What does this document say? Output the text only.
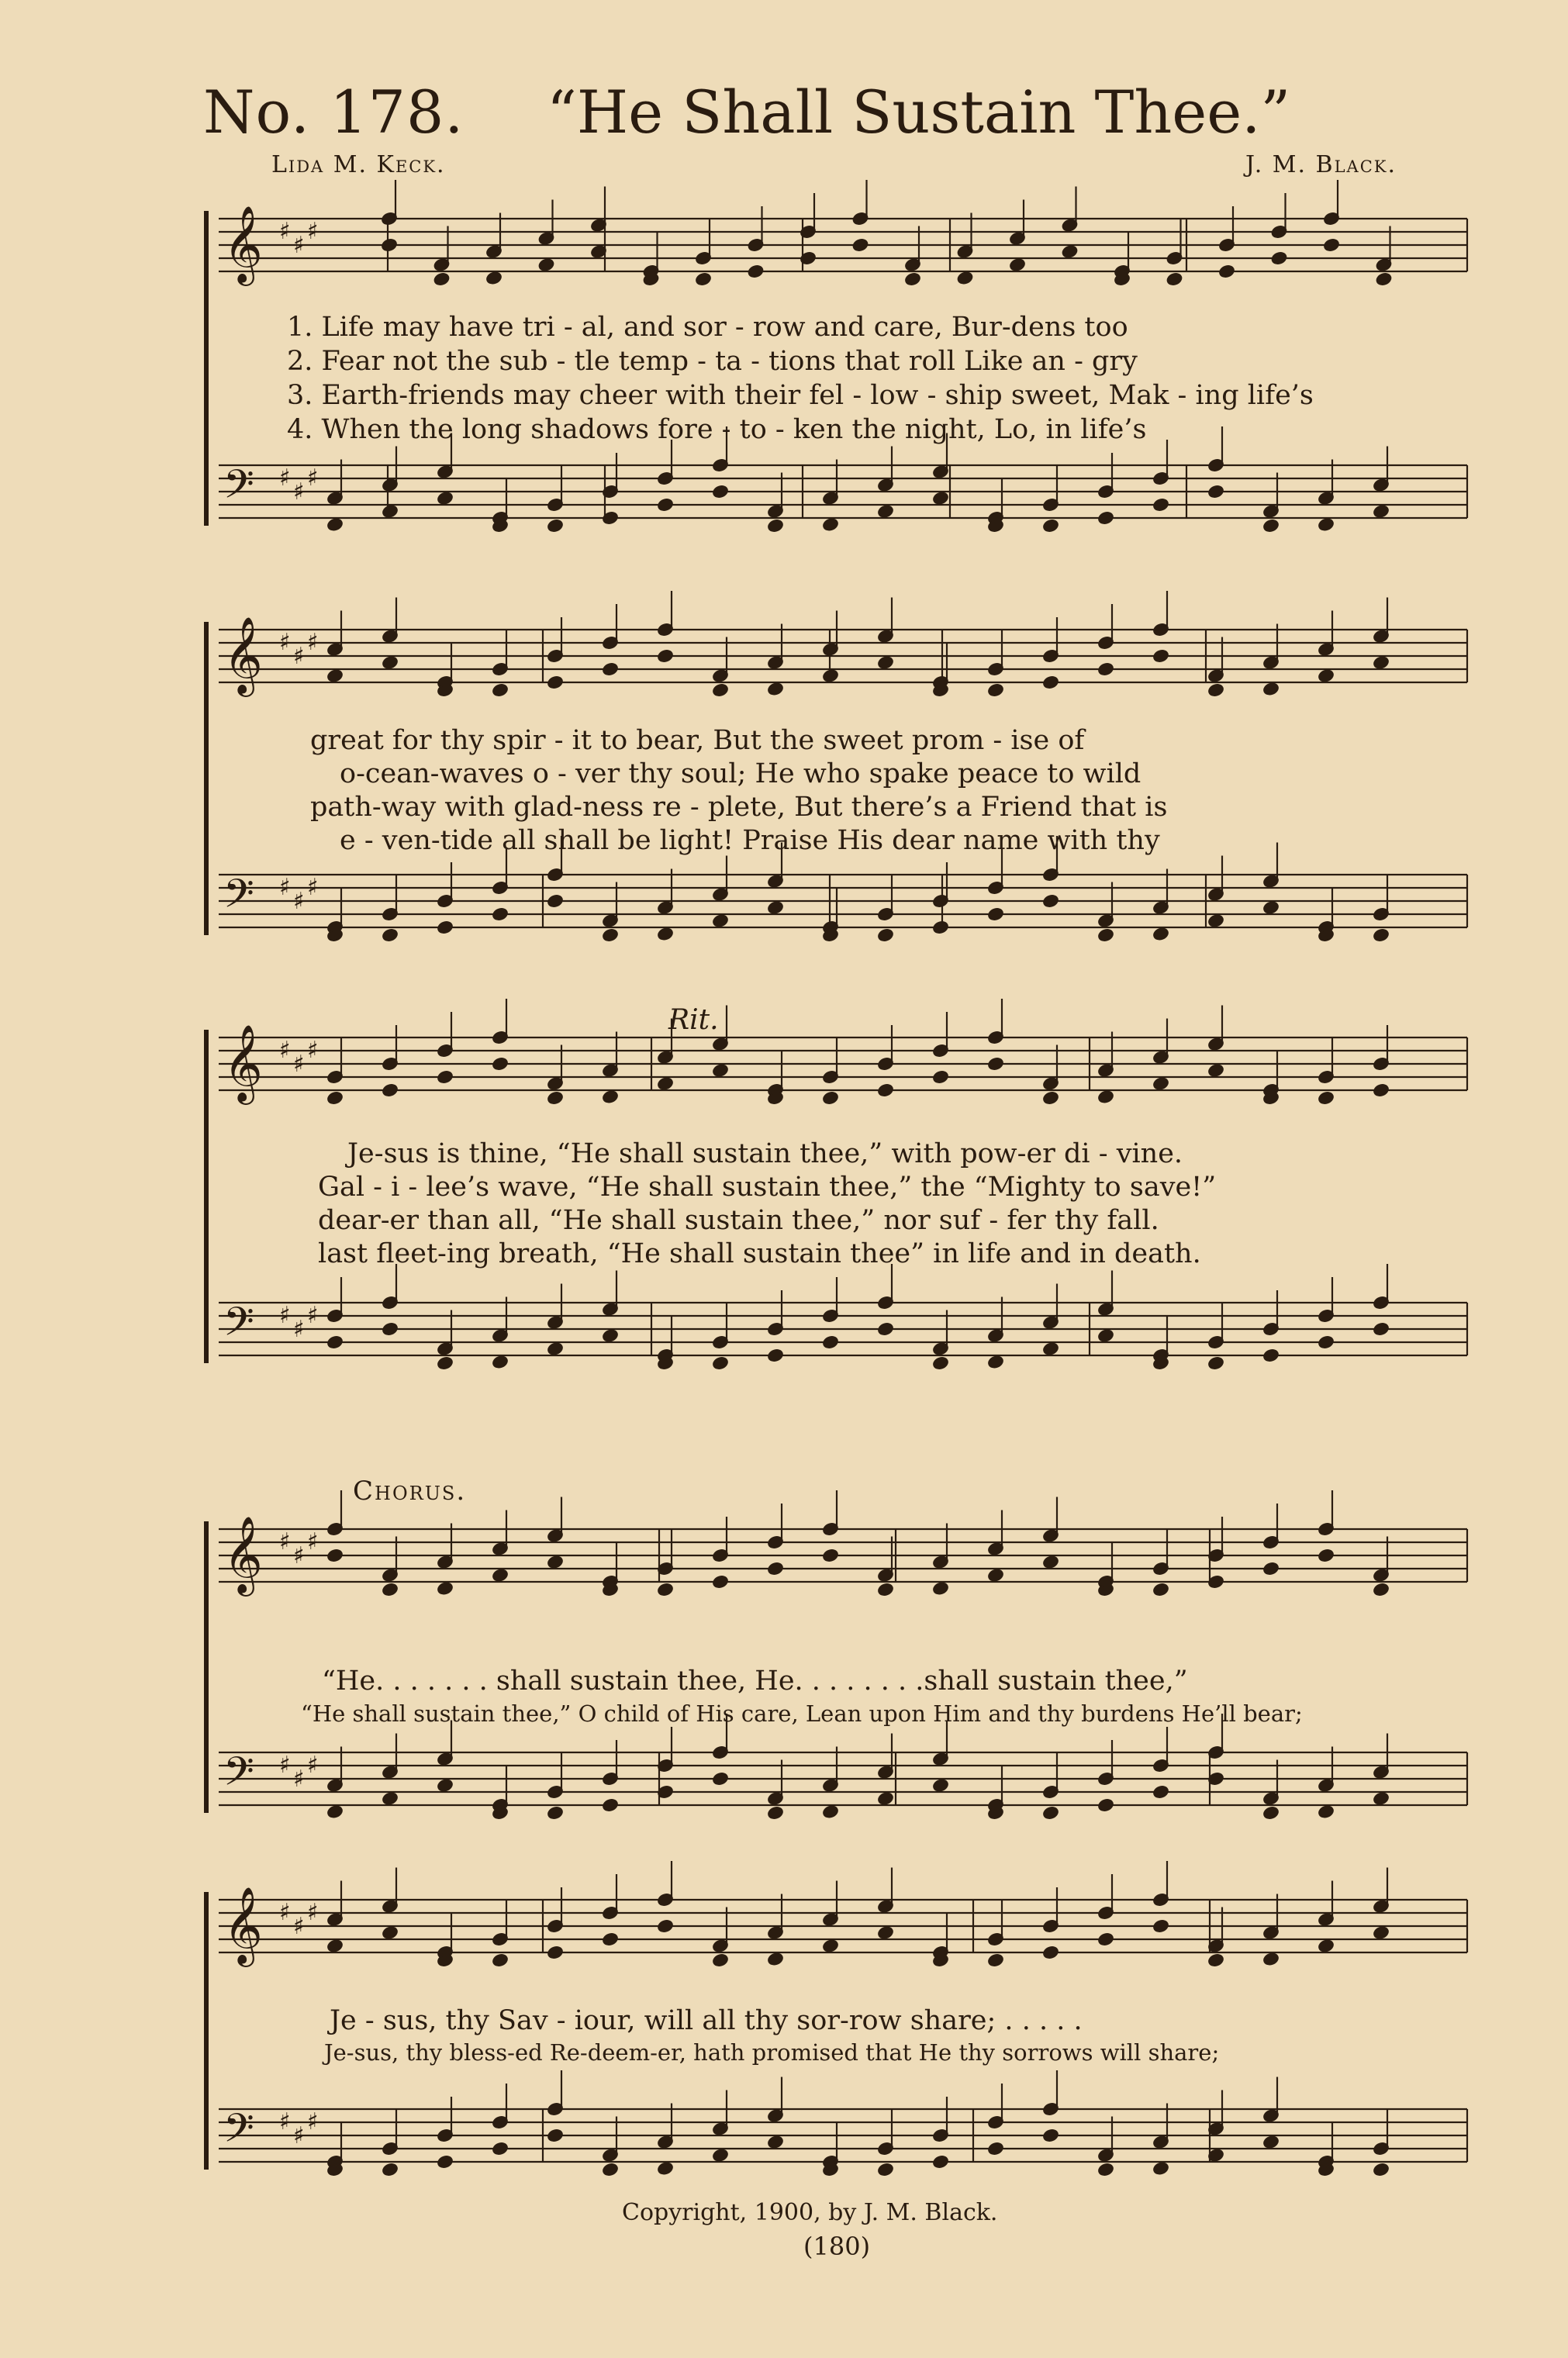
No. 178. “He Shall Sustain Thee.”
Lida M. Keck.	J. M. Black.
𝄞 ♯
♯
♯
𝄢 ♯
♯
♯
𝄞 ♯
♯
♯
𝄢 ♯
♯
♯
𝄞 ♯
♯
♯
𝄢 ♯
♯
♯
𝄞 ♯
♯
♯
𝄢 ♯
♯
♯
𝄞 ♯
♯
♯
𝄢 ♯
♯
♯
1. Life may have tri - al, and sor - row and care, Bur-dens too
2. Fear not the sub - tle temp - ta - tions that roll Like an - gry
3. Earth-friends may cheer with their fel - low - ship sweet, Mak - ing life’s
4. When the long shadows fore - to - ken the night, Lo, in life’s
great for thy spir - it to bear, But the sweet prom - ise of
o-cean-waves o - ver thy soul; He who spake peace to wild
path-way with glad-ness re - plete, But there’s a Friend that is
e - ven-tide all shall be light! Praise His dear name with thy
Rit.
Je-sus is thine, “He shall sustain thee,” with pow-er di - vine.
Gal - i - lee’s wave, “He shall sustain thee,” the “Mighty to save!”
dear-er than all, “He shall sustain thee,” nor suf - fer thy fall.
last fleet-ing breath, “He shall sustain thee” in life and in death.
Chorus.
“He. . . . . . . shall sustain thee, He. . . . . . . .shall sustain thee,”
“He shall sustain thee,” O child of His care, Lean upon Him and thy burdens He’ll bear;
Je - sus, thy Sav - iour, will all thy sor-row share; . . . . .
Je-sus, thy bless-ed Re-deem-er, hath promised that He thy sorrows will share;
Copyright, 1900, by J. M. Black.
(180)
